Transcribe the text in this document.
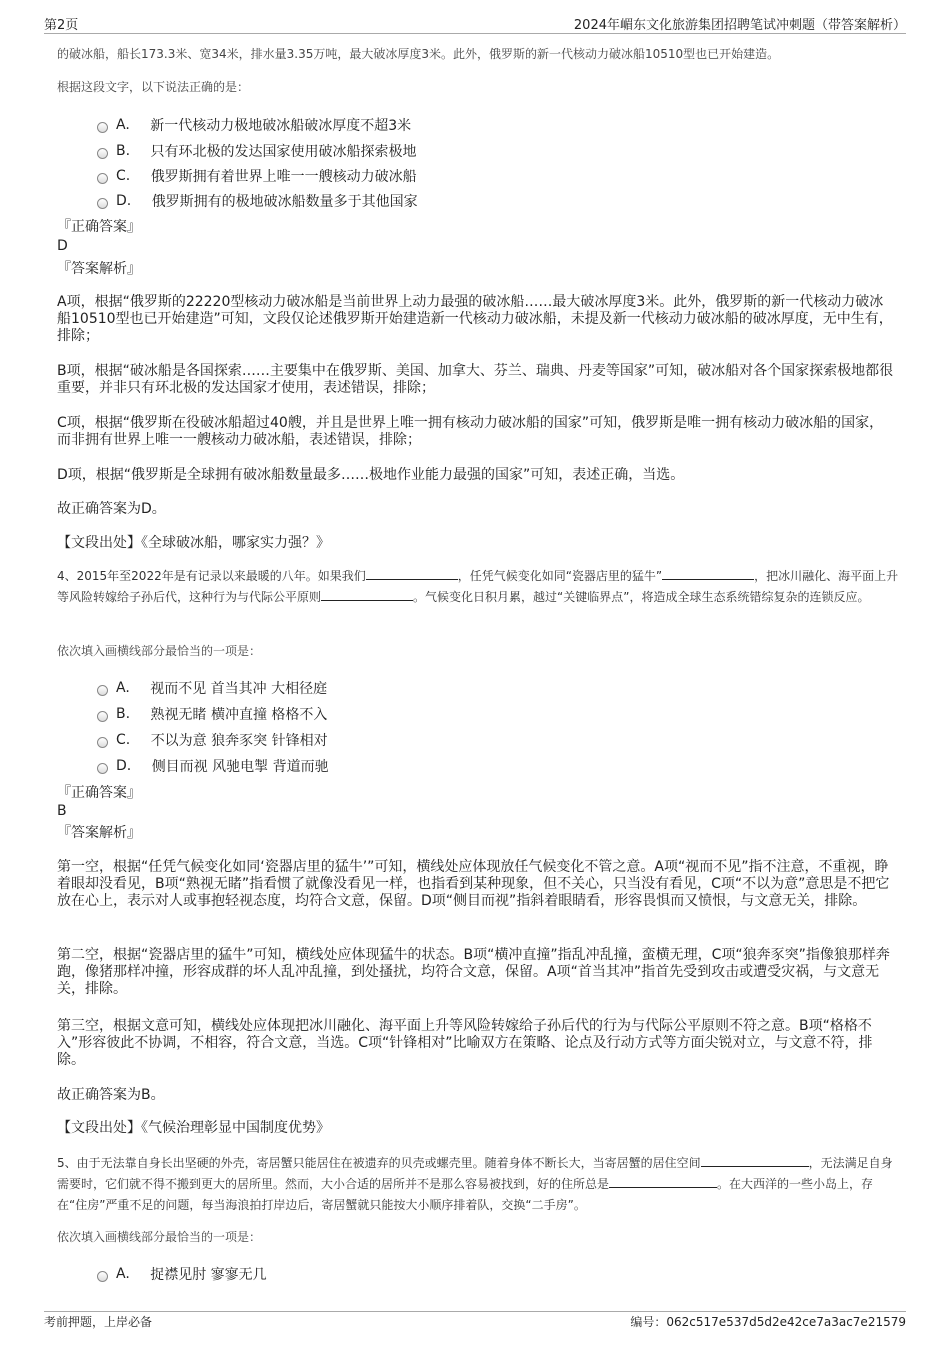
第2页	2024年嵋东文化旅游集团招聘笔试冲刺题（带答案解析）
的破冰船，船长173.3米、宽34米，排水量3.35万吨，最大破冰厚度3米。此外，俄罗斯的新一代核动力破冰船10510型也已开始建造。
根据这段文字，以下说法正确的是：
A.
新一代核动力极地破冰船破冰厚度不超3米
B.
只有环北极的发达国家使用破冰船探索极地
C.
俄罗斯拥有着世界上唯一一艘核动力破冰船
D.
俄罗斯拥有的极地破冰船数量多于其他国家
『正确答案』
D
『答案解析』
A项，根据“俄罗斯的22220型核动力破冰船是当前世界上动力最强的破冰船……最大破冰厚度3米。此外，俄罗斯的新一代核动力破冰船10510型也已开始建造”可知，文段仅论述俄罗斯开始建造新一代核动力破冰船，未提及新一代核动力破冰船的破冰厚度，无中生有，排除；
B项，根据“破冰船是各国探索……主要集中在俄罗斯、美国、加拿大、芬兰、瑞典、丹麦等国家”可知，破冰船对各个国家探索极地都很重要，并非只有环北极的发达国家才使用，表述错误，排除；
C项，根据“俄罗斯在役破冰船超过40艘，并且是世界上唯一拥有核动力破冰船的国家”可知，俄罗斯是唯一拥有核动力破冰船的国家，而非拥有世界上唯一一艘核动力破冰船，表述错误，排除；
D项，根据“俄罗斯是全球拥有破冰船数量最多……极地作业能力最强的国家”可知，表述正确，当选。
故正确答案为D。
【文段出处】《全球破冰船，哪家实力强？》
4、2015年至2022年是有记录以来最暖的八年。如果我们	，任凭气候变化如同“瓷器店里的猛牛”	，把冰川融化、海平面上升等风险转嫁给子孙后代，这种行为与代际公平原则	。气候变化日积月累，越过“关键临界点”，将造成全球生态系统错综复杂的连锁反应。
依次填入画横线部分最恰当的一项是：
A.
视而不见 首当其冲 大相径庭
B.
熟视无睹 横冲直撞 格格不入
C.
不以为意 狼奔豕突 针锋相对
D.
侧目而视 风驰电掣 背道而驰
『正确答案』
B
『答案解析』
第一空，根据“任凭气候变化如同‘瓷器店里的猛牛’”可知，横线处应体现放任气候变化不管之意。A项“视而不见”指不注意，不重视，睁着眼却没看见，B项“熟视无睹”指看惯了就像没看见一样，也指看到某种现象，但不关心，只当没有看见，C项“不以为意”意思是不把它放在心上，表示对人或事抱轻视态度，均符合文意，保留。D项“侧目而视”指斜着眼睛看，形容畏惧而又愤恨，与文意无关，排除。
第二空，根据“瓷器店里的猛牛”可知，横线处应体现猛牛的状态。B项“横冲直撞”指乱冲乱撞，蛮横无理，C项“狼奔豕突”指像狼那样奔跑，像猪那样冲撞，形容成群的坏人乱冲乱撞，到处搔扰，均符合文意，保留。A项“首当其冲”指首先受到攻击或遭受灾祸，与文意无关，排除。
第三空，根据文意可知，横线处应体现把冰川融化、海平面上升等风险转嫁给子孙后代的行为与代际公平原则不符之意。B项“格格不入”形容彼此不协调，不相容，符合文意，当选。C项“针锋相对”比喻双方在策略、论点及行动方式等方面尖锐对立，与文意不符，排除。
故正确答案为B。
【文段出处】《气候治理彰显中国制度优势》
5、由于无法靠自身长出坚硬的外壳，寄居蟹只能居住在被遗弃的贝壳或螺壳里。随着身体不断长大，当寄居蟹的居住空间	，无法满足自身需要时，它们就不得不搬到更大的居所里。然而，大小合适的居所并不是那么容易被找到，好的住所总是	。在大西洋的一些小岛上，存在“住房”严重不足的问题，每当海浪拍打岸边后，寄居蟹就只能按大小顺序排着队，交换“二手房”。
依次填入画横线部分最恰当的一项是：
A.
捉襟见肘 寥寥无几
考前押题，上岸必备	编号：062c517e537d5d2e42ce7a3ac7e21579
